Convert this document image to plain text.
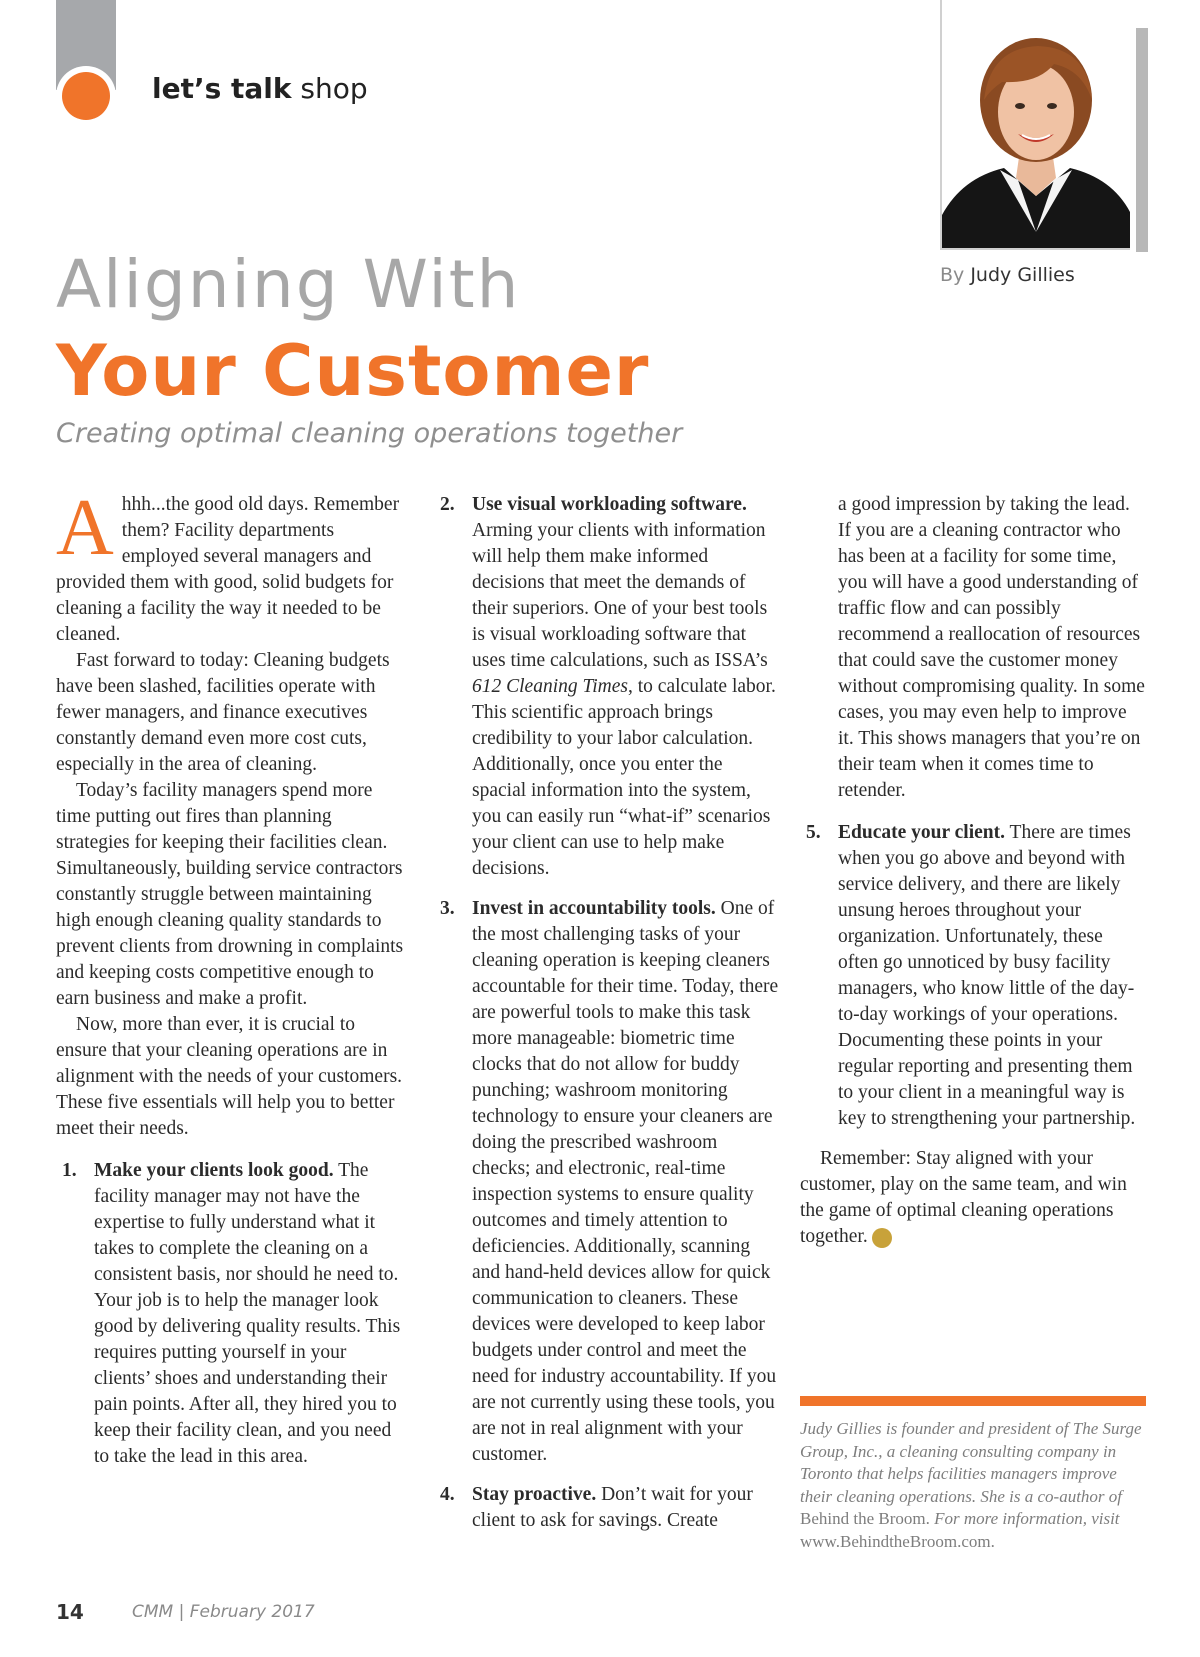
let’s talk shop
By Judy Gillies
Aligning With
Your Customer
Creating optimal cleaning operations together

Ahhh...the good old days. Remember them? Facility departments employed several managers and provided them with good, solid budgets for cleaning a facility the way it needed to be cleaned.

Fast forward to today: Cleaning budgets have been slashed, facilities operate with fewer managers, and finance executives constantly demand even more cost cuts, especially in the area of cleaning.

Today’s facility managers spend more time putting out fires than planning strategies for keeping their facilities clean. Simultaneously, building service contractors constantly struggle between maintaining high enough cleaning quality standards to prevent clients from drowning in complaints and keeping costs competitive enough to earn business and make a profit.

Now, more than ever, it is crucial to ensure that your cleaning operations are in alignment with the needs of your customers. These five essentials will help you to better meet their needs.

1. Make your clients look good. The facility manager may not have the expertise to fully understand what it takes to complete the cleaning on a consistent basis, nor should he need to. Your job is to help the manager look good by delivering quality results. This requires putting yourself in your clients’ shoes and understanding their pain points. After all, they hired you to keep their facility clean, and you need to take the lead in this area.
2. Use visual workloading software. Arming your clients with information will help them make informed decisions that meet the demands of their superiors. One of your best tools is visual workloading software that uses time calculations, such as ISSA’s 612 Cleaning Times, to calculate labor. This scientific approach brings credibility to your labor calculation. Additionally, once you enter the spacial information into the system, you can easily run “what-if” scenarios your client can use to help make decisions.
3. Invest in accountability tools. One of the most challenging tasks of your cleaning operation is keeping cleaners accountable for their time. Today, there are powerful tools to make this task more manageable: biometric time clocks that do not allow for buddy punching; washroom monitoring technology to ensure your cleaners are doing the prescribed washroom checks; and electronic, real-time inspection systems to ensure quality outcomes and timely attention to deficiencies. Additionally, scanning and hand-held devices allow for quick communication to cleaners. These devices were developed to keep labor budgets under control and meet the need for industry accountability. If you are not currently using these tools, you are not in real alignment with your customer.
4. Stay proactive. Don’t wait for your client to ask for savings. Create
a good impression by taking the lead. If you are a cleaning contractor who has been at a facility for some time, you will have a good understanding of traffic flow and can possibly recommend a reallocation of resources that could save the customer money without compromising quality. In some cases, you may even help to improve it. This shows managers that you’re on their team when it comes time to retender.
5. Educate your client. There are times when you go above and beyond with service delivery, and there are likely unsung heroes throughout your organization. Unfortunately, these often go unnoticed by busy facility managers, who know little of the day-to-day workings of your operations. Documenting these points in your regular reporting and presenting them to your client in a meaningful way is key to strengthening your partnership.

Remember: Stay aligned with your customer, play on the same team, and win the game of optimal cleaning operations together. CM

Judy Gillies is founder and president of The Surge Group, Inc., a cleaning consulting company in Toronto that helps facilities managers improve their cleaning operations. She is a co-author of Behind the Broom. For more information, visit www.BehindtheBroom.com.
14	CMM | February 2017
